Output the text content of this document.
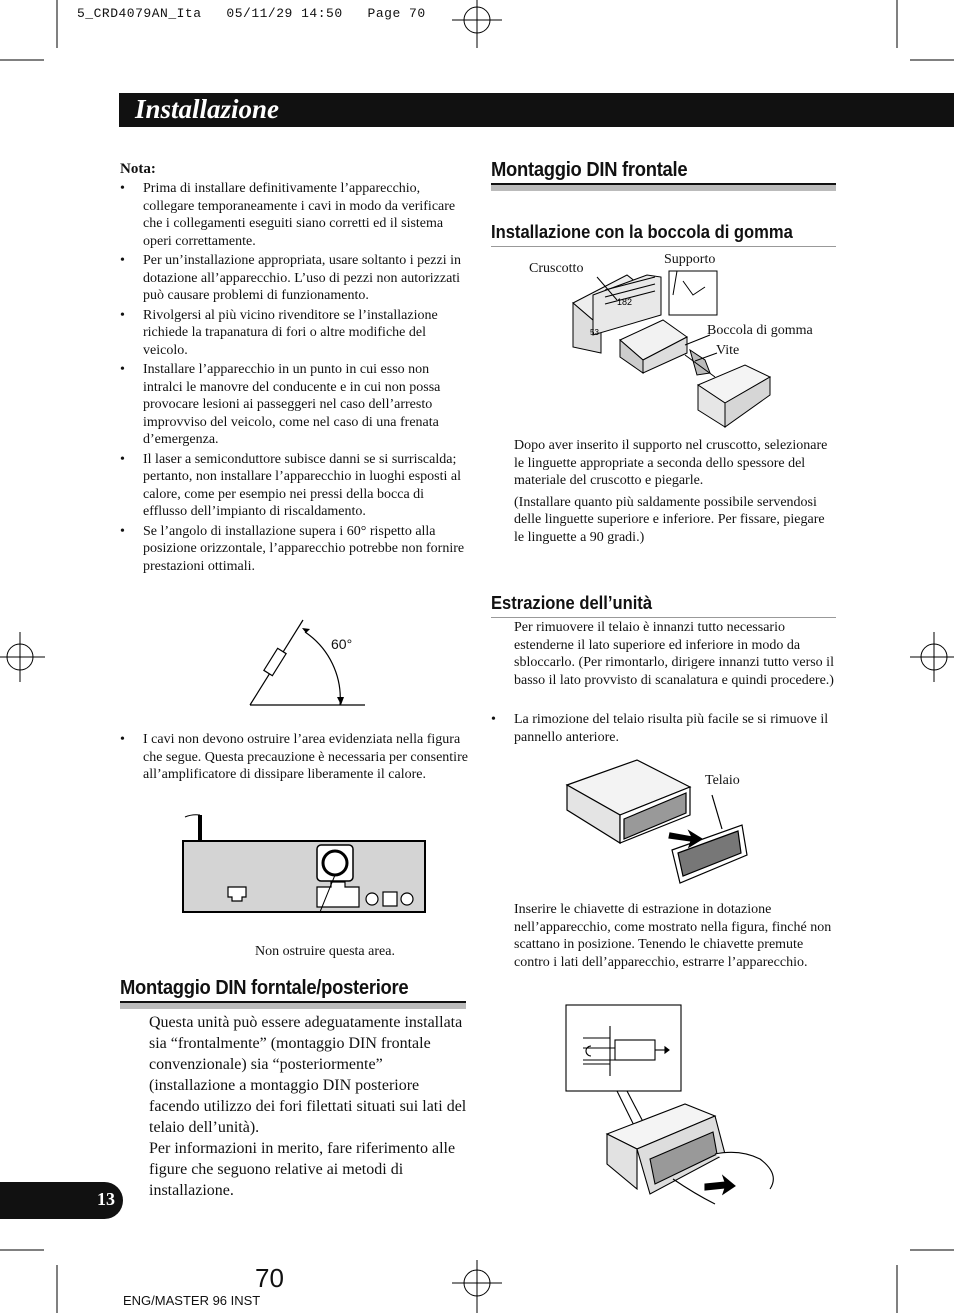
5_CRD4079AN_Ita   05/11/29 14:50   Page 70
Installazione
Nota:
• Prima di installare definitivamente l’apparecchio, collegare temporaneamente i cavi in modo da verificare che i collegamenti eseguiti siano corretti ed il sistema operi correttamente.
• Per un’installazione appropriata, usare soltanto i pezzi in dotazione all’apparecchio. L’uso di pezzi non autorizzati può causare problemi di funzionamento.
• Rivolgersi al più vicino rivenditore se l’installazione richiede la trapanatura di fori o altre modifiche del veicolo.
• Installare l’apparecchio in un punto in cui esso non intralci le manovre del conducente e in cui non possa provocare lesioni ai passeggeri nel caso dell’arresto improvviso del veicolo, come nel caso di una frenata d’emergenza.
• Il laser a semiconduttore subisce danni se si surriscalda; pertanto, non installare l’apparecchio in luoghi esposti al calore, come per esempio nei pressi della bocca di efflusso dell’impianto di riscaldamento.
• Se l’angolo di installazione supera i 60° rispetto alla posizione orizzontale, l’apparecchio potrebbe non fornire prestazioni ottimali.
60°
• I cavi non devono ostruire l’area evidenziata nella figura che segue. Questa precauzione è necessaria per consentire all’amplificatore di dissipare liberamente il calore.
Non ostruire questa area.
Montaggio DIN forntale/posteriore

Questa unità può essere adeguatamente installata sia “frontalmente” (montaggio DIN frontale convenzionale) sia “posteriormente” (installazione a montaggio DIN posteriore facendo utilizzo dei fori filettati situati sui lati del telaio dell’unità).

Per informazioni in merito, fare riferimento alle figure che seguono relative ai metodi di installazione.

13
Montaggio DIN frontale
Installazione con la boccola di gomma
182
53
Cruscotto
Supporto
Boccola di gomma
Vite

Dopo aver inserito il supporto nel cruscotto, selezionare le linguette appropriate a seconda dello spessore del materiale del cruscotto e piegarle.

(Installare quanto più saldamente possibile servendosi delle linguette superiore e inferiore. Per fissare, piegare le linguette a 90 gradi.)

Estrazione dell’unità
Per rimuovere il telaio è innanzi tutto necessario estenderne il lato superiore ed inferiore in modo da sbloccarlo. (Per rimontarlo, dirigere innanzi tutto verso il basso il lato provvisto di scanalatura e quindi procedere.)
• La rimozione del telaio risulta più facile se si rimuove il pannello anteriore.
Telaio
Inserire le chiavette di estrazione in dotazione nell’apparecchio, come mostrato nella figura, finché non scattano in posizione. Tenendo le chiavette premute contro i lati dell’apparecchio, estrarre l’apparecchio.
70
ENG/MASTER 96 INST
